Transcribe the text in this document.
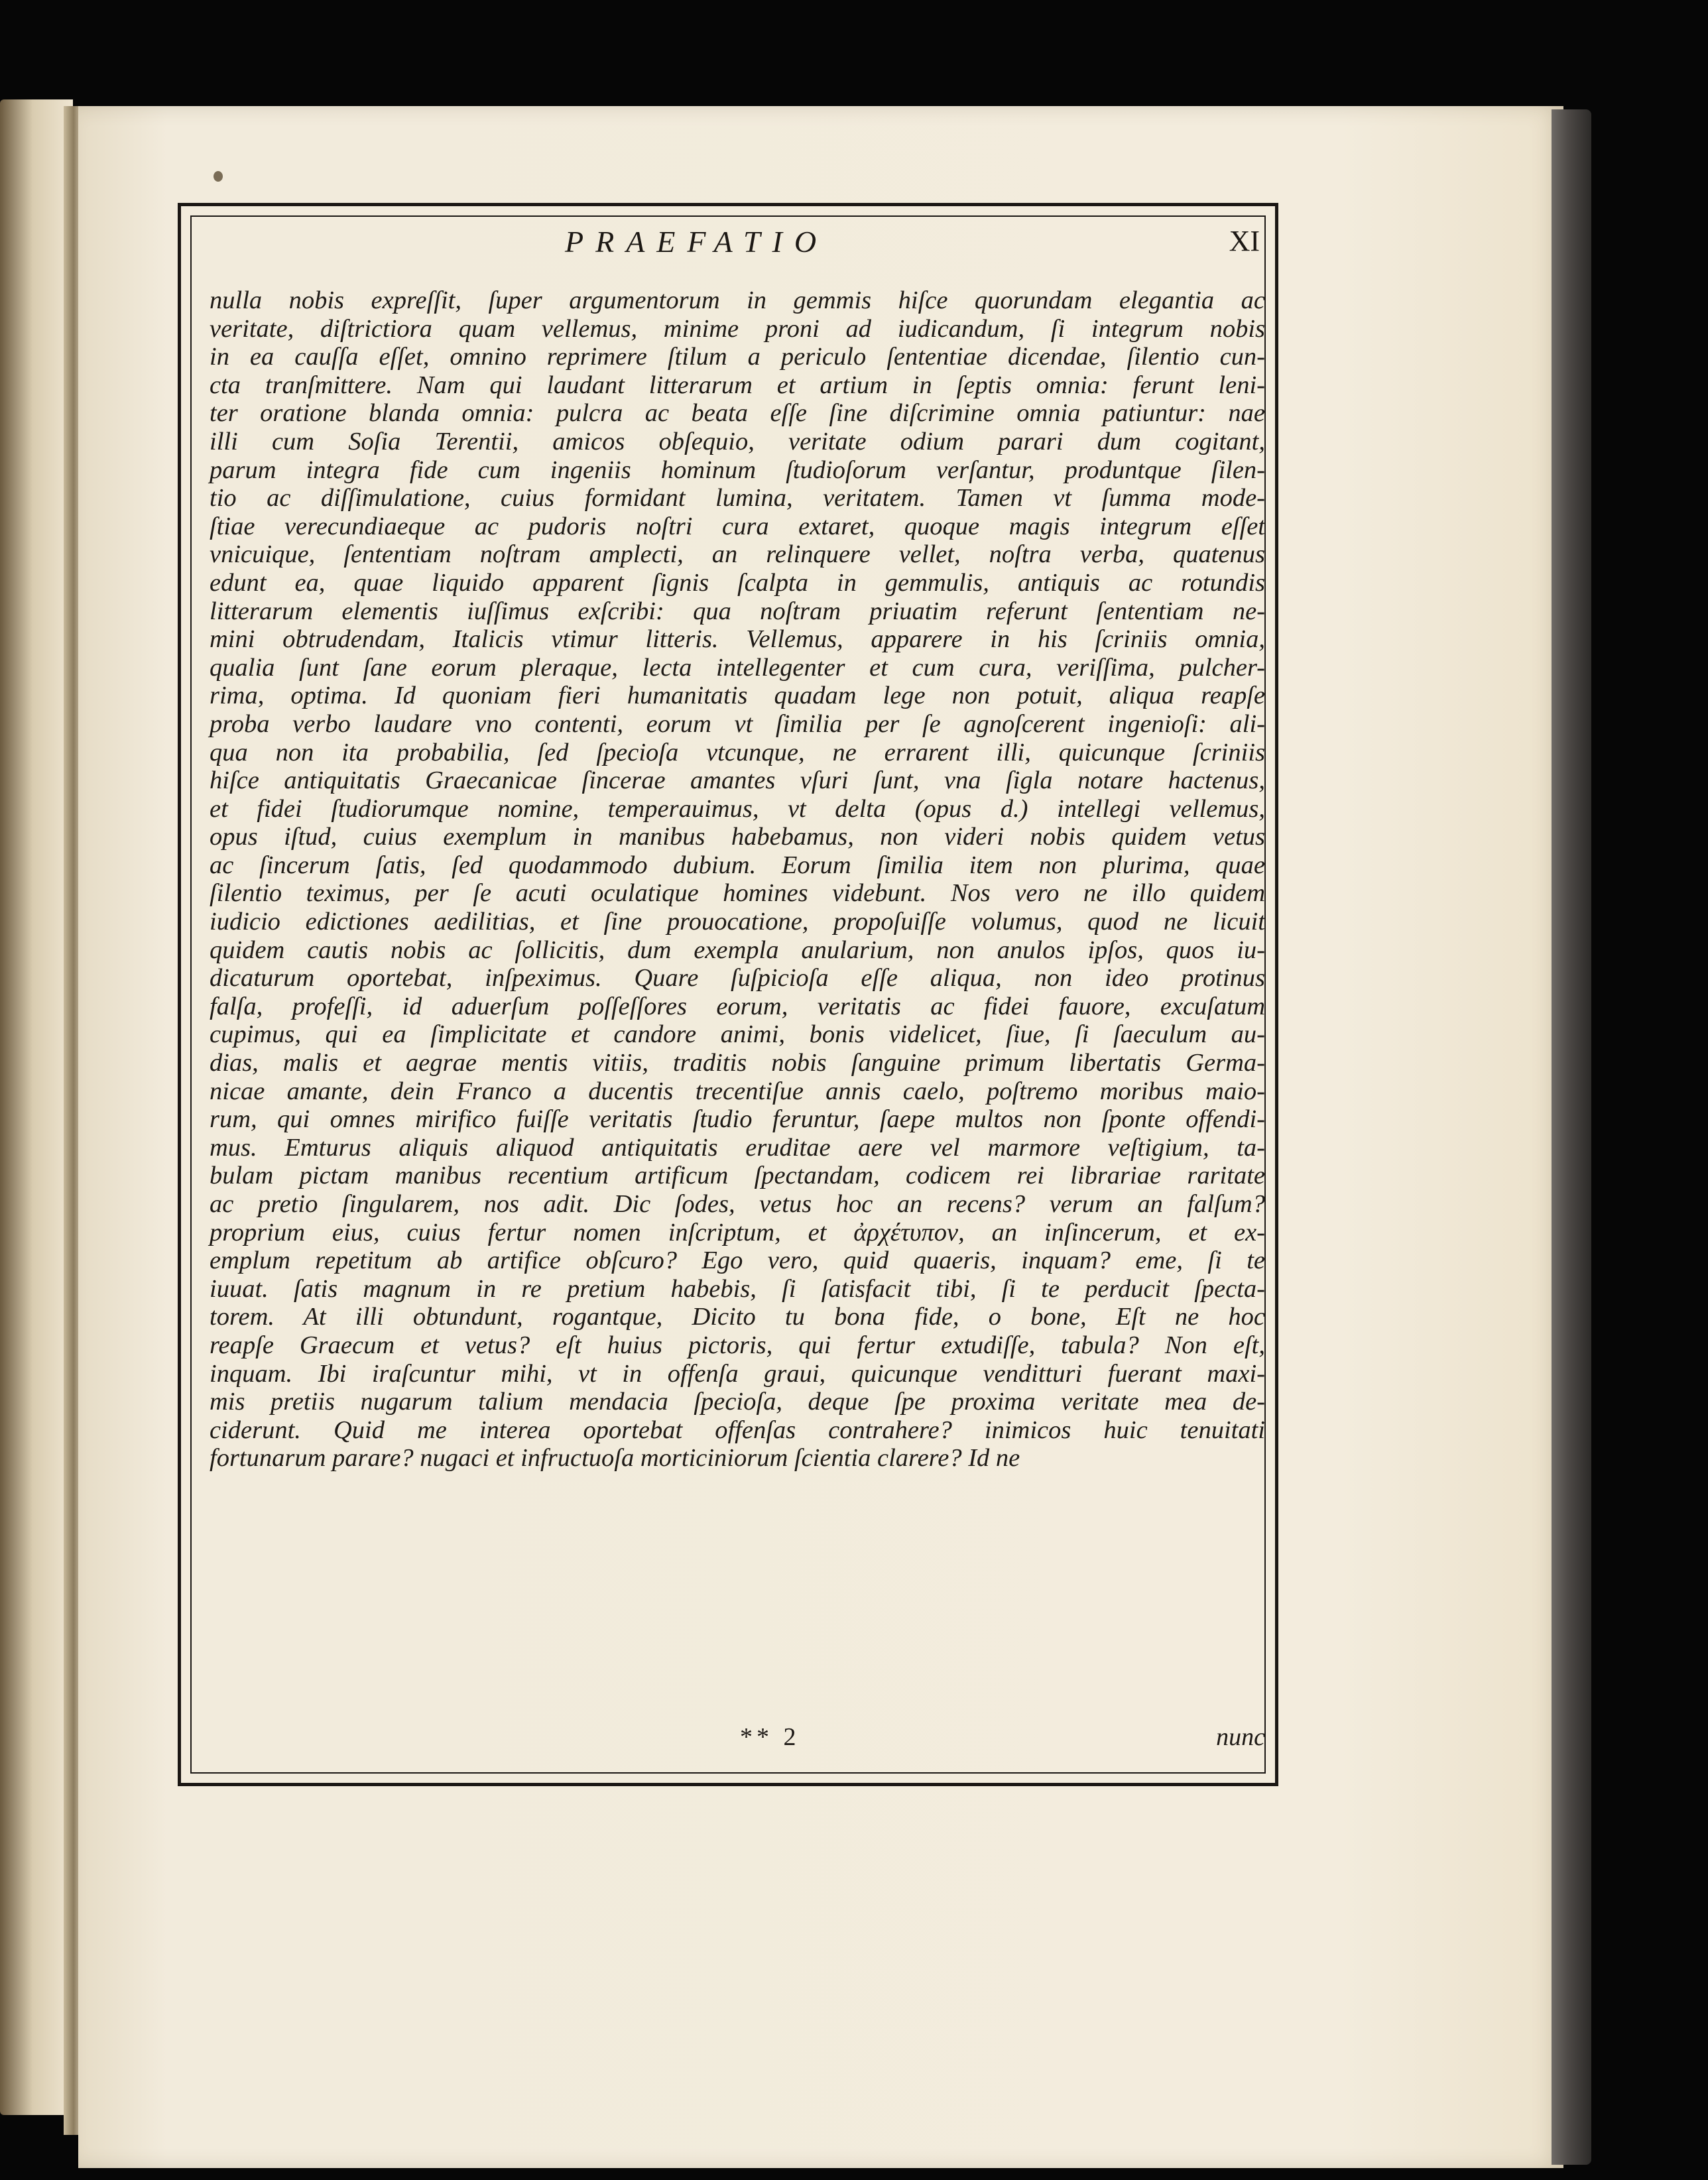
PRAEFATIO	XI
nulla nobis expreſſit, ſuper argumentorum in gemmis hiſce quorundam elegantia ac
veritate, diſtrictiora quam vellemus, minime proni ad iudicandum, ſi integrum nobis
in ea cauſſa eſſet, omnino reprimere ſtilum a periculo ſententiae dicendae, ſilentio cun-
cta tranſmittere. Nam qui laudant litterarum et artium in ſeptis omnia: ferunt leni-
ter oratione blanda omnia: pulcra ac beata eſſe ſine diſcrimine omnia patiuntur: nae
illi cum Soſia Terentii, amicos obſequio, veritate odium parari dum cogitant,
parum integra fide cum ingeniis hominum ſtudioſorum verſantur, produntque ſilen-
tio ac diſſimulatione, cuius formidant lumina, veritatem. Tamen vt ſumma mode-
ſtiae verecundiaeque ac pudoris noſtri cura extaret, quoque magis integrum eſſet
vnicuique, ſententiam noſtram amplecti, an relinquere vellet, noſtra verba, quatenus
edunt ea, quae liquido apparent ſignis ſcalpta in gemmulis, antiquis ac rotundis
litterarum elementis iuſſimus exſcribi: qua noſtram priuatim referunt ſententiam ne-
mini obtrudendam, Italicis vtimur litteris. Vellemus, apparere in his ſcriniis omnia,
qualia ſunt ſane eorum pleraque, lecta intellegenter et cum cura, veriſſima, pulcher-
rima, optima. Id quoniam fieri humanitatis quadam lege non potuit, aliqua reapſe
proba verbo laudare vno contenti, eorum vt ſimilia per ſe agnoſcerent ingenioſi: ali-
qua non ita probabilia, ſed ſpecioſa vtcunque, ne errarent illi, quicunque ſcriniis
hiſce antiquitatis Graecanicae ſincerae amantes vſuri ſunt, vna ſigla notare hactenus,
et fidei ſtudiorumque nomine, temperauimus, vt delta (opus d.) intellegi vellemus,
opus iſtud, cuius exemplum in manibus habebamus, non videri nobis quidem vetus
ac ſincerum ſatis, ſed quodammodo dubium. Eorum ſimilia item non plurima, quae
ſilentio teximus, per ſe acuti oculatique homines videbunt. Nos vero ne illo quidem
iudicio edictiones aedilitias, et ſine prouocatione, propoſuiſſe volumus, quod ne licuit
quidem cautis nobis ac ſollicitis, dum exempla anularium, non anulos ipſos, quos iu-
dicaturum oportebat, inſpeximus. Quare ſuſpicioſa eſſe aliqua, non ideo protinus
falſa, profeſſi, id aduerſum poſſeſſores eorum, veritatis ac fidei fauore, excuſatum
cupimus, qui ea ſimplicitate et candore animi, bonis videlicet, ſiue, ſi ſaeculum au-
dias, malis et aegrae mentis vitiis, traditis nobis ſanguine primum libertatis Germa-
nicae amante, dein Franco a ducentis trecentiſue annis caelo, poſtremo moribus maio-
rum, qui omnes mirifico fuiſſe veritatis ſtudio feruntur, ſaepe multos non ſponte offendi-
mus. Emturus aliquis aliquod antiquitatis eruditae aere vel marmore veſtigium, ta-
bulam pictam manibus recentium artificum ſpectandam, codicem rei librariae raritate
ac pretio ſingularem, nos adit. Dic ſodes, vetus hoc an recens? verum an falſum?
proprium eius, cuius fertur nomen inſcriptum, et ἀρχέτυπον, an inſincerum, et ex-
emplum repetitum ab artifice obſcuro? Ego vero, quid quaeris, inquam? eme, ſi te
iuuat. ſatis magnum in re pretium habebis, ſi ſatisfacit tibi, ſi te perducit ſpecta-
torem. At illi obtundunt, rogantque, Dicito tu bona fide, o bone, Eſt ne hoc
reapſe Graecum et vetus? eſt huius pictoris, qui fertur extudiſſe, tabula? Non eſt,
inquam. Ibi iraſcuntur mihi, vt in offenſa graui, quicunque venditturi fuerant maxi-
mis pretiis nugarum talium mendacia ſpecioſa, deque ſpe proxima veritate mea de-
ciderunt. Quid me interea oportebat offenſas contrahere? inimicos huic tenuitati
fortunarum parare? nugaci et infructuoſa morticiniorum ſcientia clarere? Id ne
** 2	nunc
